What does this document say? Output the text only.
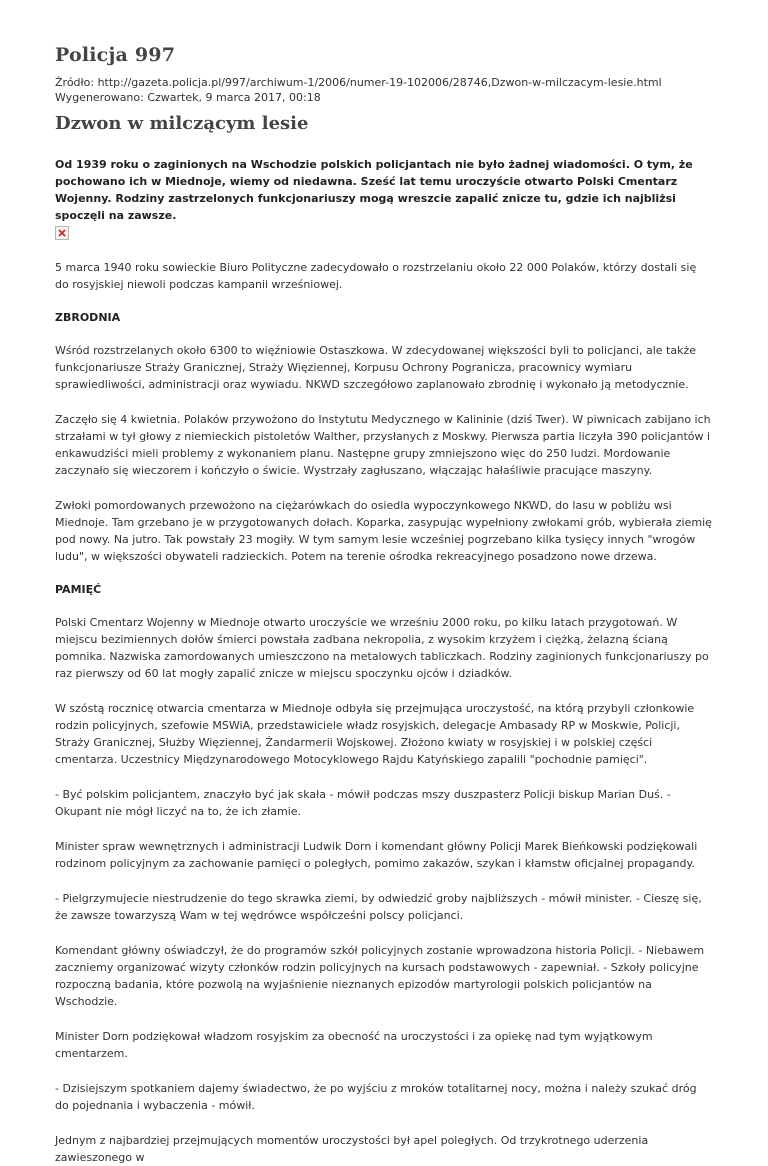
Policja 997
Źródło: http://gazeta.policja.pl/997/archiwum-1/2006/numer-19-102006/28746,Dzwon-w-milczacym-lesie.html
Wygenerowano: Czwartek, 9 marca 2017, 00:18
Dzwon w milczącym lesie

Od 1939 roku o zaginionych na Wschodzie polskich policjantach nie było żadnej wiadomości. O tym, że pochowano ich w Miednoje, wiemy od niedawna. Sześć lat temu uroczyście otwarto Polski Cmentarz Wojenny. Rodziny zastrzelonych funkcjonariuszy mogą wreszcie zapalić znicze tu, gdzie ich najbliżsi spoczęli na zawsze.

5 marca 1940 roku sowieckie Biuro Polityczne zadecydowało o rozstrzelaniu około 22 000 Polaków, którzy dostali się do rosyjskiej niewoli podczas kampanii wrześniowej.

ZBRODNIA

Wśród rozstrzelanych około 6300 to więźniowie Ostaszkowa. W zdecydowanej większości byli to policjanci, ale także funkcjonariusze Straży Granicznej, Straży Więziennej, Korpusu Ochrony Pogranicza, pracownicy wymiaru sprawiedliwości, administracji oraz wywiadu. NKWD szczegółowo zaplanowało zbrodnię i wykonało ją metodycznie.

Zaczęło się 4 kwietnia. Polaków przywożono do Instytutu Medycznego w Kalininie (dziś Twer). W piwnicach zabijano ich strzałami w tył głowy z niemieckich pistoletów Walther, przysłanych z Moskwy. Pierwsza partia liczyła 390 policjantów i enkawudziści mieli problemy z wykonaniem planu. Następne grupy zmniejszono więc do 250 ludzi. Mordowanie zaczynało się wieczorem i kończyło o świcie. Wystrzały zagłuszano, włączając hałaśliwie pracujące maszyny.

Zwłoki pomordowanych przewożono na ciężarówkach do osiedla wypoczynkowego NKWD, do lasu w pobliżu wsi Miednoje. Tam grzebano je w przygotowanych dołach. Koparka, zasypując wypełniony zwłokami grób, wybierała ziemię pod nowy. Na jutro. Tak powstały 23 mogiły. W tym samym lesie wcześniej pogrzebano kilka tysięcy innych "wrogów ludu", w większości obywateli radzieckich. Potem na terenie ośrodka rekreacyjnego posadzono nowe drzewa.

PAMIĘĆ

Polski Cmentarz Wojenny w Miednoje otwarto uroczyście we wrześniu 2000 roku, po kilku latach przygotowań. W miejscu bezimiennych dołów śmierci powstała zadbana nekropolia, z wysokim krzyżem i ciężką, żelazną ścianą pomnika. Nazwiska zamordowanych umieszczono na metalowych tabliczkach. Rodziny zaginionych funkcjonariuszy po raz pierwszy od 60 lat mogły zapalić znicze w miejscu spoczynku ojców i dziadków.

W szóstą rocznicę otwarcia cmentarza w Miednoje odbyła się przejmująca uroczystość, na którą przybyli członkowie rodzin policyjnych, szefowie MSWiA, przedstawiciele władz rosyjskich, delegacje Ambasady RP w Moskwie, Policji, Straży Granicznej, Służby Więziennej, Żandarmerii Wojskowej. Złożono kwiaty w rosyjskiej i w polskiej części cmentarza. Uczestnicy Międzynarodowego Motocyklowego Rajdu Katyńskiego zapalili "pochodnie pamięci".

- Być polskim policjantem, znaczyło być jak skała - mówił podczas mszy duszpasterz Policji biskup Marian Duś. - Okupant nie mógł liczyć na to, że ich złamie.

Minister spraw wewnętrznych i administracji Ludwik Dorn i komendant główny Policji Marek Bieńkowski podziękowali rodzinom policyjnym za zachowanie pamięci o poległych, pomimo zakazów, szykan i kłamstw oficjalnej propagandy.

- Pielgrzymujecie niestrudzenie do tego skrawka ziemi, by odwiedzić groby najbliższych - mówił minister. - Cieszę się, że zawsze towarzyszą Wam w tej wędrówce współcześni polscy policjanci.

Komendant główny oświadczył, że do programów szkół policyjnych zostanie wprowadzona historia Policji. - Niebawem zaczniemy organizować wizyty członków rodzin policyjnych na kursach podstawowych - zapewniał. - Szkoły policyjne rozpoczną badania, które pozwolą na wyjaśnienie nieznanych epizodów martyrologii polskich policjantów na Wschodzie.

Minister Dorn podziękował władzom rosyjskim za obecność na uroczystości i za opiekę nad tym wyjątkowym cmentarzem.

- Dzisiejszym spotkaniem dajemy świadectwo, że po wyjściu z mroków totalitarnej nocy, można i należy szukać dróg do pojednania i wybaczenia - mówił.

Jednym z najbardziej przejmujących momentów uroczystości był apel poległych. Od trzykrotnego uderzenia zawieszonego w
